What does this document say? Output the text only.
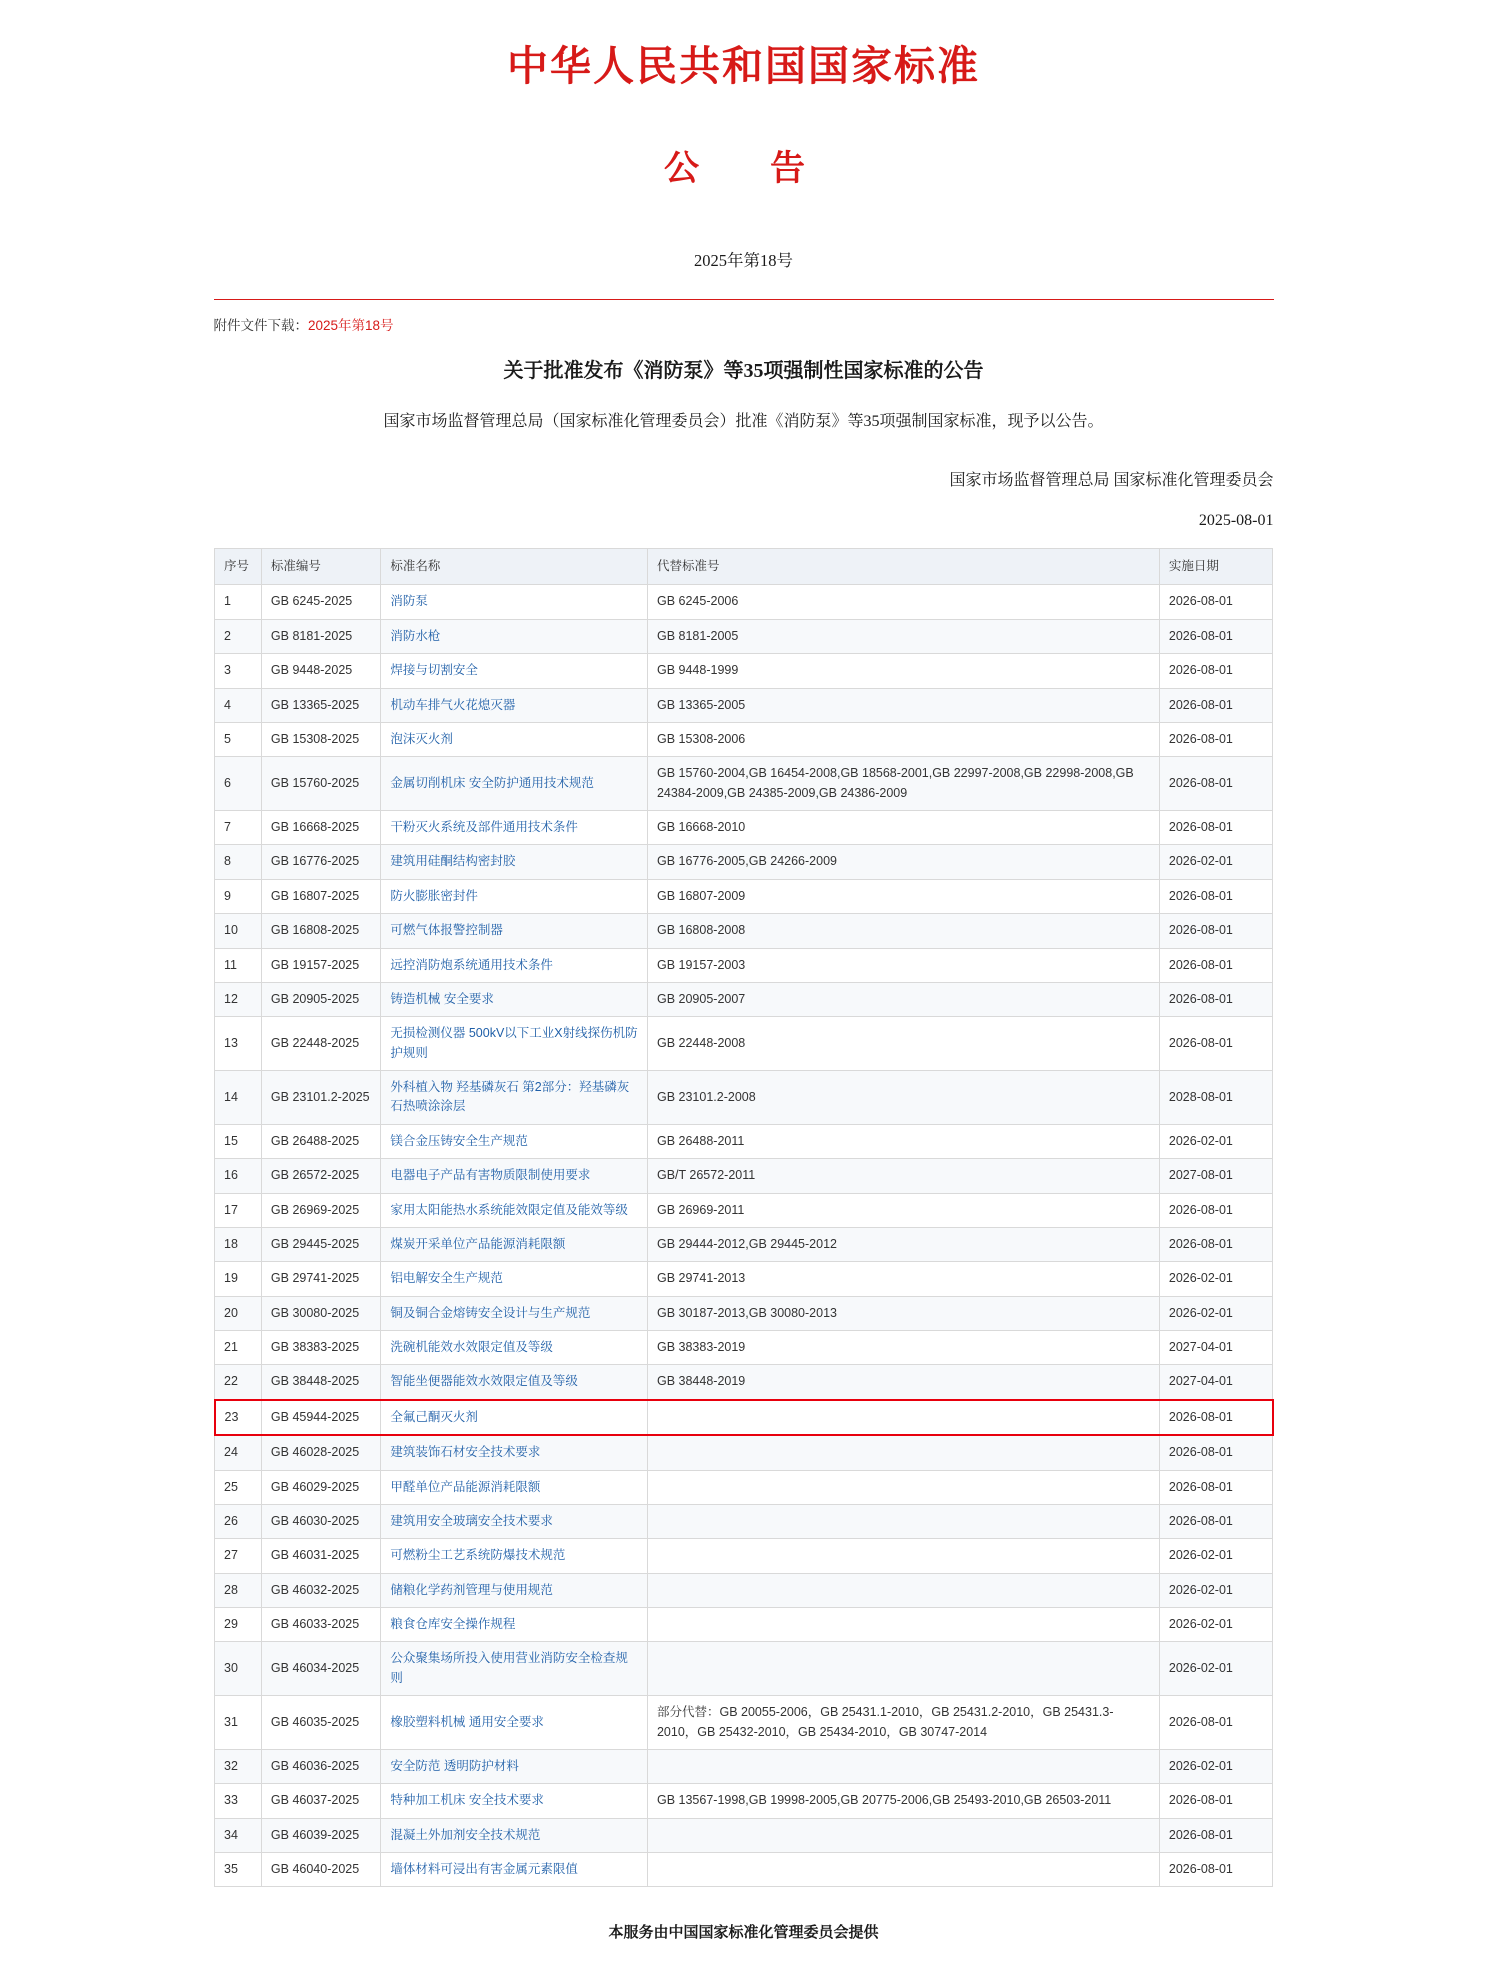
中华人民共和国国家标准
公　告
2025年第18号
附件文件下载：2025年第18号
关于批准发布《消防泵》等35项强制性国家标准的公告
国家市场监督管理总局（国家标准化管理委员会）批准《消防泵》等35项强制国家标准，现予以公告。
国家市场监督管理总局 国家标准化管理委员会
2025-08-01
序号	标准编号	标准名称	代替标准号	实施日期
1	GB 6245-2025	消防泵	GB 6245-2006	2026-08-01
2	GB 8181-2025	消防水枪	GB 8181-2005	2026-08-01
3	GB 9448-2025	焊接与切割安全	GB 9448-1999	2026-08-01
4	GB 13365-2025	机动车排气火花熄灭器	GB 13365-2005	2026-08-01
5	GB 15308-2025	泡沫灭火剂	GB 15308-2006	2026-08-01
6	GB 15760-2025	金属切削机床 安全防护通用技术规范	GB 15760-2004,GB 16454-2008,GB 18568-2001,GB 22997-2008,GB 22998-2008,GB 24384-2009,GB 24385-2009,GB 24386-2009	2026-08-01
7	GB 16668-2025	干粉灭火系统及部件通用技术条件	GB 16668-2010	2026-08-01
8	GB 16776-2025	建筑用硅酮结构密封胶	GB 16776-2005,GB 24266-2009	2026-02-01
9	GB 16807-2025	防火膨胀密封件	GB 16807-2009	2026-08-01
10	GB 16808-2025	可燃气体报警控制器	GB 16808-2008	2026-08-01
11	GB 19157-2025	远控消防炮系统通用技术条件	GB 19157-2003	2026-08-01
12	GB 20905-2025	铸造机械 安全要求	GB 20905-2007	2026-08-01
13	GB 22448-2025	无损检测仪器 500kV以下工业X射线探伤机防护规则	GB 22448-2008	2026-08-01
14	GB 23101.2-2025	外科植入物 羟基磷灰石 第2部分：羟基磷灰石热喷涂涂层	GB 23101.2-2008	2028-08-01
15	GB 26488-2025	镁合金压铸安全生产规范	GB 26488-2011	2026-02-01
16	GB 26572-2025	电器电子产品有害物质限制使用要求	GB/T 26572-2011	2027-08-01
17	GB 26969-2025	家用太阳能热水系统能效限定值及能效等级	GB 26969-2011	2026-08-01
18	GB 29445-2025	煤炭开采单位产品能源消耗限额	GB 29444-2012,GB 29445-2012	2026-08-01
19	GB 29741-2025	铝电解安全生产规范	GB 29741-2013	2026-02-01
20	GB 30080-2025	铜及铜合金熔铸安全设计与生产规范	GB 30187-2013,GB 30080-2013	2026-02-01
21	GB 38383-2025	洗碗机能效水效限定值及等级	GB 38383-2019	2027-04-01
22	GB 38448-2025	智能坐便器能效水效限定值及等级	GB 38448-2019	2027-04-01
23	GB 45944-2025	全氟己酮灭火剂		2026-08-01
24	GB 46028-2025	建筑装饰石材安全技术要求		2026-08-01
25	GB 46029-2025	甲醛单位产品能源消耗限额		2026-08-01
26	GB 46030-2025	建筑用安全玻璃安全技术要求		2026-08-01
27	GB 46031-2025	可燃粉尘工艺系统防爆技术规范		2026-02-01
28	GB 46032-2025	储粮化学药剂管理与使用规范		2026-02-01
29	GB 46033-2025	粮食仓库安全操作规程		2026-02-01
30	GB 46034-2025	公众聚集场所投入使用营业消防安全检查规则		2026-02-01
31	GB 46035-2025	橡胶塑料机械 通用安全要求	部分代替：GB 20055-2006，GB 25431.1-2010，GB 25431.2-2010，GB 25431.3-2010，GB 25432-2010，GB 25434-2010，GB 30747-2014	2026-08-01
32	GB 46036-2025	安全防范 透明防护材料		2026-02-01
33	GB 46037-2025	特种加工机床 安全技术要求	GB 13567-1998,GB 19998-2005,GB 20775-2006,GB 25493-2010,GB 26503-2011	2026-08-01
34	GB 46039-2025	混凝土外加剂安全技术规范		2026-08-01
35	GB 46040-2025	墙体材料可浸出有害金属元素限值		2026-08-01
本服务由中国国家标准化管理委员会提供
